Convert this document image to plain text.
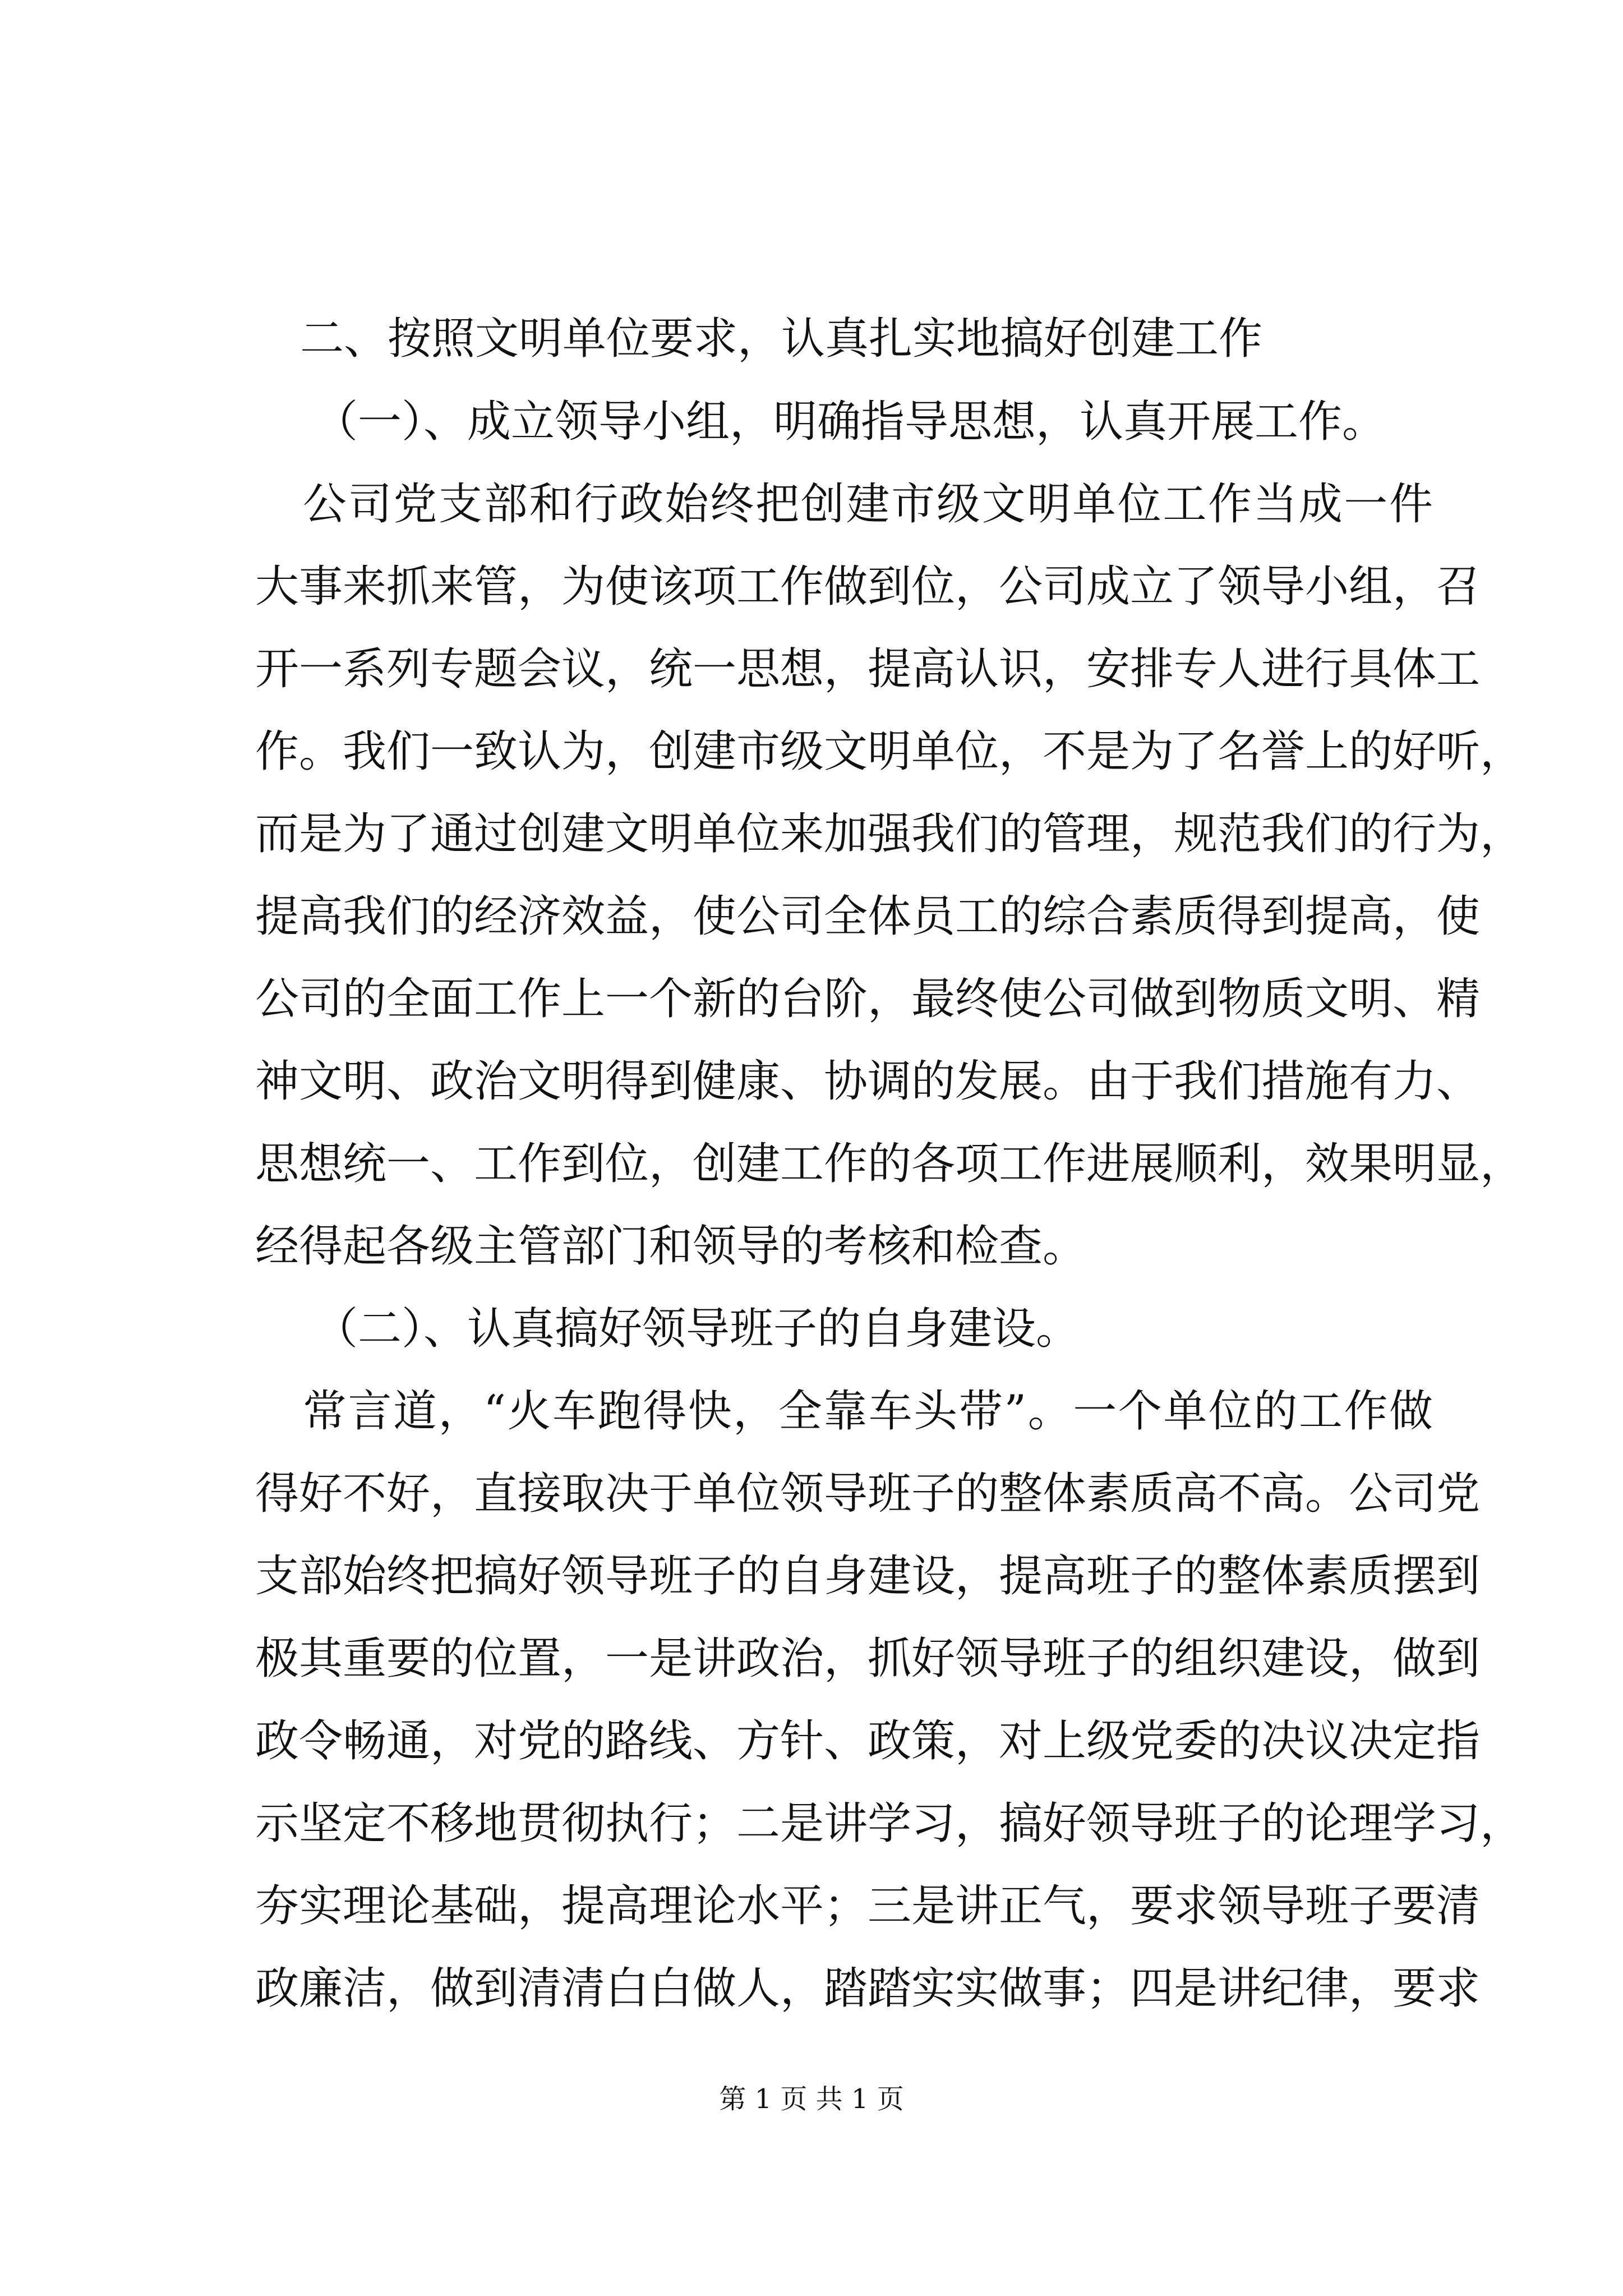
二、按照文明单位要求，认真扎实地搞好创建工作

（一）、成立领导小组，明确指导思想，认真开展工作。

公司党支部和行政始终把创建市级文明单位工作当成一件

大事来抓来管，为使该项工作做到位，公司成立了领导小组，召

开一系列专题会议，统一思想，提高认识，安排专人进行具体工

作。我们一致认为，创建市级文明单位，不是为了名誉上的好听，

而是为了通过创建文明单位来加强我们的管理，规范我们的行为，

提高我们的经济效益，使公司全体员工的综合素质得到提高，使

公司的全面工作上一个新的台阶，最终使公司做到物质文明、精

神文明、政治文明得到健康、协调的发展。由于我们措施有力、

思想统一、工作到位，创建工作的各项工作进展顺利，效果明显，

经得起各级主管部门和领导的考核和检查。

（二）、认真搞好领导班子的自身建设。

常言道，“火车跑得快，全靠车头带”。一个单位的工作做

得好不好，直接取决于单位领导班子的整体素质高不高。公司党

支部始终把搞好领导班子的自身建设，提高班子的整体素质摆到

极其重要的位置，一是讲政治，抓好领导班子的组织建设，做到

政令畅通，对党的路线、方针、政策，对上级党委的决议决定指

示坚定不移地贯彻执行；二是讲学习，搞好领导班子的论理学习，

夯实理论基础，提高理论水平；三是讲正气，要求领导班子要清

政廉洁，做到清清白白做人，踏踏实实做事；四是讲纪律，要求

第 1 页 共 1 页
